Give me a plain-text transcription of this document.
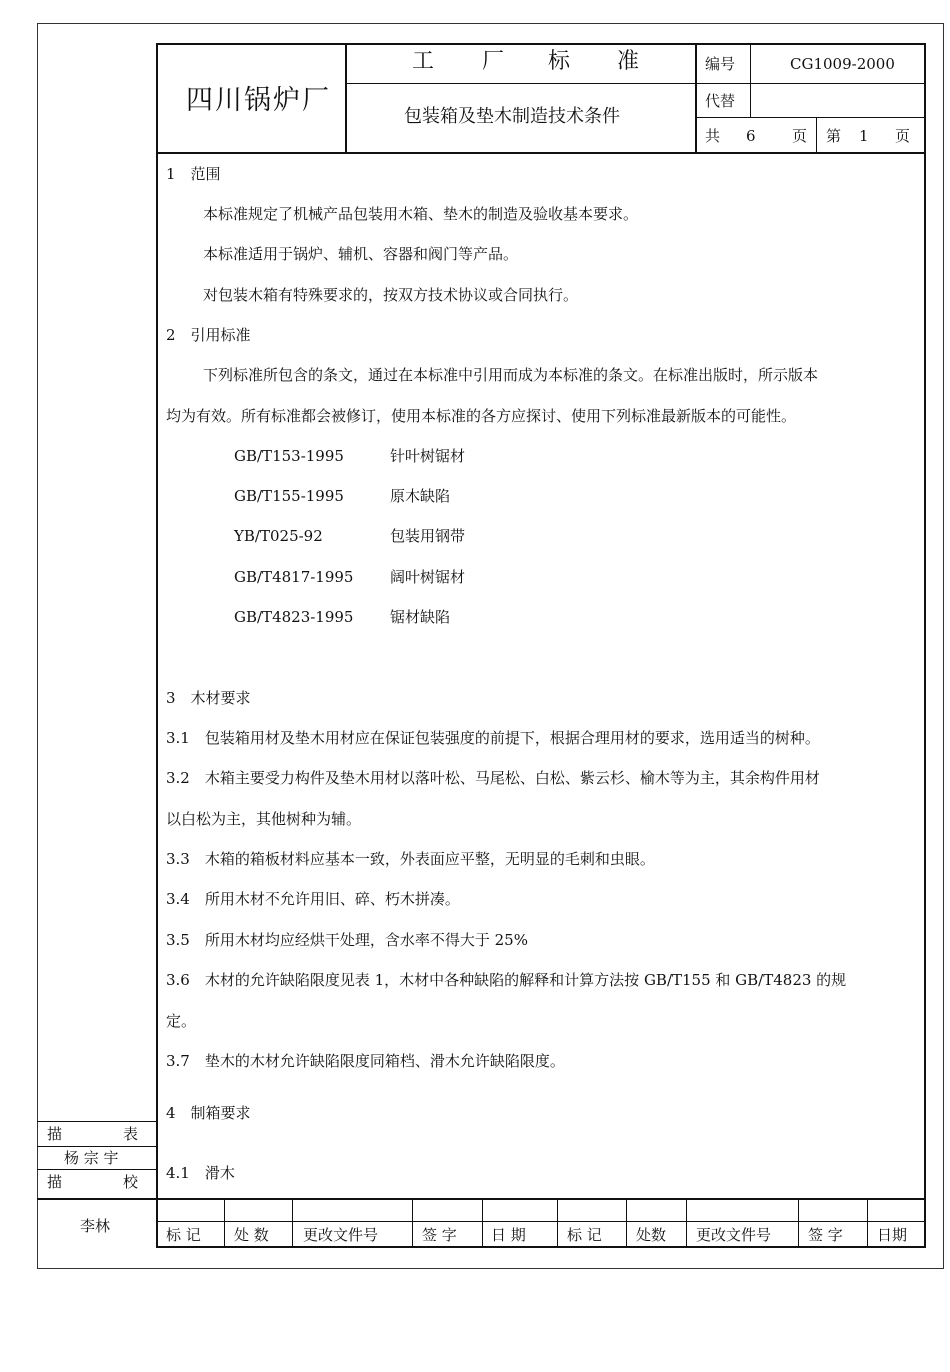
四川锅炉厂
工 厂 标 准
包装箱及垫木制造技术条件
编号	CG1009-2000
代替
共 6 页 第 1 页
1　范围
本标准规定了机械产品包装用木箱、垫木的制造及验收基本要求。
本标准适用于锅炉、辅机、容器和阀门等产品。
对包装木箱有特殊要求的，按双方技术协议或合同执行。
2　引用标准
下列标准所包含的条文，通过在本标准中引用而成为本标准的条文。在标准出版时，所示版本
均为有效。所有标准都会被修订，使用本标准的各方应探讨、使用下列标准最新版本的可能性。
GB/T153-1995	针叶树锯材
GB/T155-1995	原木缺陷
YB/T025-92	包装用钢带
GB/T4817-1995 阔叶树锯材
GB/T4823-1995 锯材缺陷
3　木材要求
3.1　包装箱用材及垫木用材应在保证包装强度的前提下，根据合理用材的要求，选用适当的树种。
3.2　木箱主要受力构件及垫木用材以落叶松、马尾松、白松、紫云杉、榆木等为主，其余构件用材
以白松为主，其他树种为辅。
3.3　木箱的箱板材料应基本一致，外表面应平整，无明显的毛刺和虫眼。
3.4　所用木材不允许用旧、碎、朽木拼凑。
3.5　所用木材均应经烘干处理，含水率不得大于 25%
3.6　木材的允许缺陷限度见表 1，木材中各种缺陷的解释和计算方法按 GB/T155 和 GB/T4823 的规
定。
3.7　垫木的木材允许缺陷限度同箱档、滑木允许缺陷限度。
4　制箱要求
4.1　滑木
描	表
杨 宗 宇
描	校
李林	标 记 处 数 更改文件号	签 字 日 期	标 记 处数 更改文件号 签 字 日期
